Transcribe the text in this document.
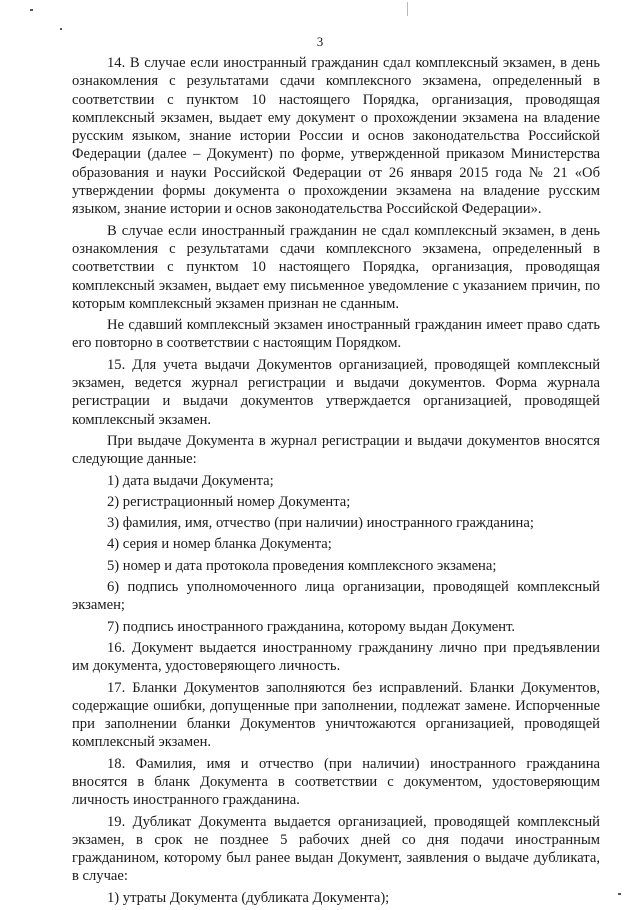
3

14. В случае если иностранный гражданин сдал комплексный экзамен, в день ознакомления с результатами сдачи комплексного экзамена, определенный в соответствии с пунктом 10 настоящего Порядка, организация, проводящая комплексный экзамен, выдает ему документ о прохождении экзамена на владение русским языком, знание истории России и основ законодательства Российской Федерации (далее – Документ) по форме, утвержденной приказом Министерства образования и науки Российской Федерации от 26 января 2015 года № 21 «Об утверждении формы документа о прохождении экзамена на владение русским языком, знание истории и основ законодательства Российской Федерации».

В случае если иностранный гражданин не сдал комплексный экзамен, в день ознакомления с результатами сдачи комплексного экзамена, определенный в соответствии с пунктом 10 настоящего Порядка, организация, проводящая комплексный экзамен, выдает ему письменное уведомление с указанием причин, по которым комплексный экзамен признан не сданным.

Не сдавший комплексный экзамен иностранный гражданин имеет право сдать его повторно в соответствии с настоящим Порядком.

15. Для учета выдачи Документов организацией, проводящей комплексный экзамен, ведется журнал регистрации и выдачи документов. Форма журнала регистрации и выдачи документов утверждается организацией, проводящей комплексный экзамен.

При выдаче Документа в журнал регистрации и выдачи документов вносятся следующие данные:

1) дата выдачи Документа;

2) регистрационный номер Документа;

3) фамилия, имя, отчество (при наличии) иностранного гражданина;

4) серия и номер бланка Документа;

5) номер и дата протокола проведения комплексного экзамена;

6) подпись уполномоченного лица организации, проводящей комплексный экзамен;

7) подпись иностранного гражданина, которому выдан Документ.

16. Документ выдается иностранному гражданину лично при предъявлении им документа, удостоверяющего личность.

17. Бланки Документов заполняются без исправлений. Бланки Документов, содержащие ошибки, допущенные при заполнении, подлежат замене. Испорченные при заполнении бланки Документов уничтожаются организацией, проводящей комплексный экзамен.

18. Фамилия, имя и отчество (при наличии) иностранного гражданина вносятся в бланк Документа в соответствии с документом, удостоверяющим личность иностранного гражданина.

19. Дубликат Документа выдается организацией, проводящей комплексный экзамен, в срок не позднее 5 рабочих дней со дня подачи иностранным гражданином, которому был ранее выдан Документ, заявления о выдаче дубликата, в случае:

1) утраты Документа (дубликата Документа);
